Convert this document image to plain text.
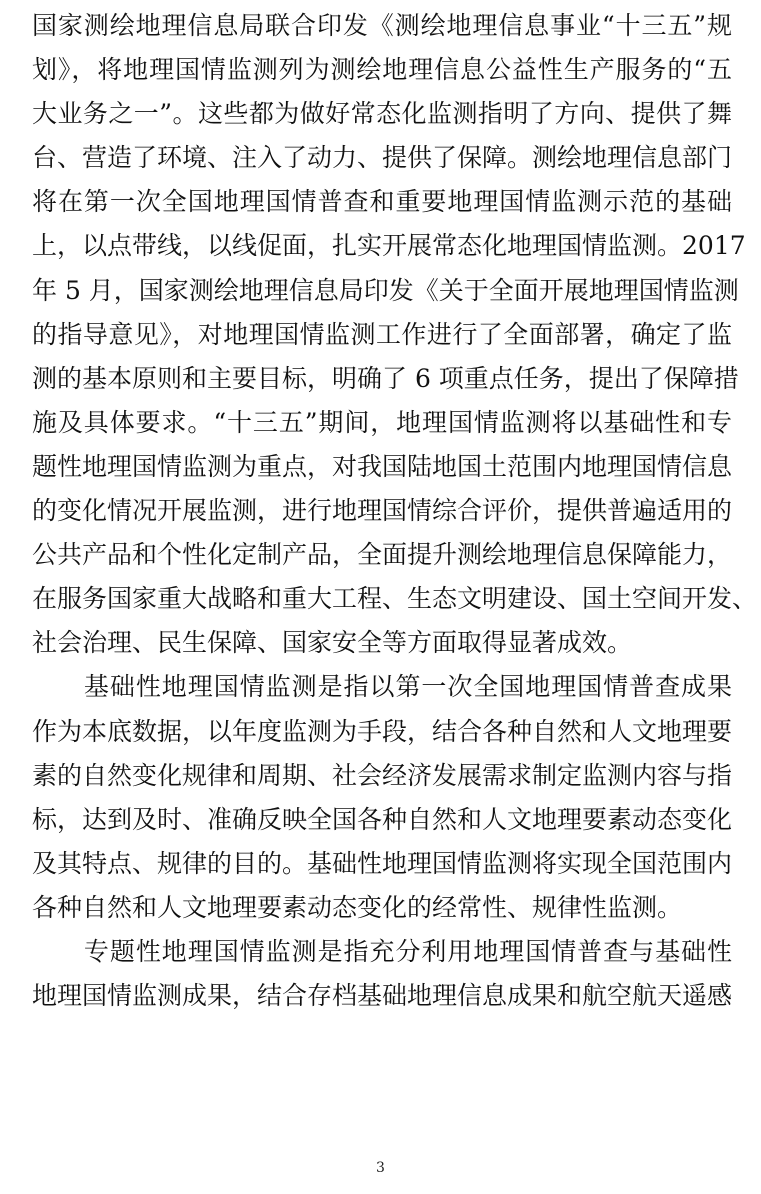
国家测绘地理信息局联合印发《测绘地理信息事业“十三五”规
划》，将地理国情监测列为测绘地理信息公益性生产服务的“五
大业务之一”。这些都为做好常态化监测指明了方向、提供了舞
台、营造了环境、注入了动力、提供了保障。测绘地理信息部门
将在第一次全国地理国情普查和重要地理国情监测示范的基础
上，以点带线，以线促面，扎实开展常态化地理国情监测。2017
年 5 月，国家测绘地理信息局印发《关于全面开展地理国情监测
的指导意见》，对地理国情监测工作进行了全面部署，确定了监
测的基本原则和主要目标，明确了 6 项重点任务，提出了保障措
施及具体要求。“十三五”期间，地理国情监测将以基础性和专
题性地理国情监测为重点，对我国陆地国土范围内地理国情信息
的变化情况开展监测，进行地理国情综合评价，提供普遍适用的
公共产品和个性化定制产品，全面提升测绘地理信息保障能力，
在服务国家重大战略和重大工程、生态文明建设、国土空间开发、
社会治理、民生保障、国家安全等方面取得显著成效。
　　基础性地理国情监测是指以第一次全国地理国情普查成果
作为本底数据，以年度监测为手段，结合各种自然和人文地理要
素的自然变化规律和周期、社会经济发展需求制定监测内容与指
标，达到及时、准确反映全国各种自然和人文地理要素动态变化
及其特点、规律的目的。基础性地理国情监测将实现全国范围内
各种自然和人文地理要素动态变化的经常性、规律性监测。
　　专题性地理国情监测是指充分利用地理国情普查与基础性
地理国情监测成果，结合存档基础地理信息成果和航空航天遥感
3
